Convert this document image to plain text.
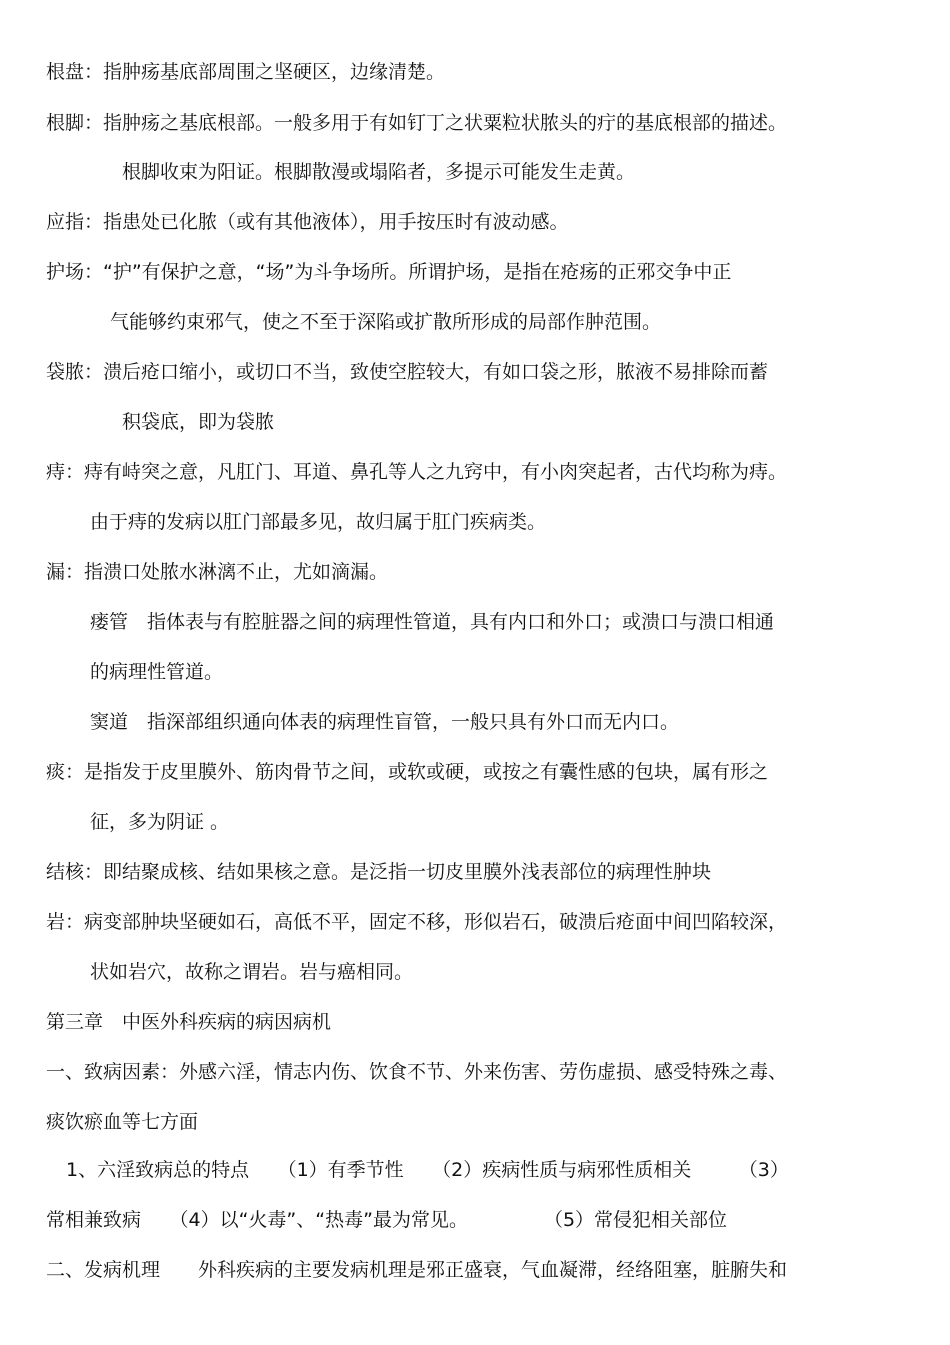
根盘：指肿疡基底部周围之坚硬区，边缘清楚。

根脚：指肿疡之基底根部。一般多用于有如钉丁之状粟粒状脓头的疔的基底根部的描述。

根脚收束为阳证。根脚散漫或塌陷者，多提示可能发生走黄。

应指：指患处已化脓（或有其他液体），用手按压时有波动感。

护场：“护”有保护之意，“场”为斗争场所。所谓护场，是指在疮疡的正邪交争中正

气能够约束邪气，使之不至于深陷或扩散所形成的局部作肿范围。

袋脓：溃后疮口缩小，或切口不当，致使空腔较大，有如口袋之形，脓液不易排除而蓄

积袋底，即为袋脓

痔：痔有峙突之意，凡肛门、耳道、鼻孔等人之九窍中，有小肉突起者，古代均称为痔。

由于痔的发病以肛门部最多见，故归属于肛门疾病类。

漏：指溃口处脓水淋漓不止，尤如滴漏。

瘘管　指体表与有腔脏器之间的病理性管道，具有内口和外口；或溃口与溃口相通

的病理性管道。

窦道　指深部组织通向体表的病理性盲管，一般只具有外口而无内口。

痰：是指发于皮里膜外、筋肉骨节之间，或软或硬，或按之有囊性感的包块，属有形之

征，多为阴证 。

结核：即结聚成核、结如果核之意。是泛指一切皮里膜外浅表部位的病理性肿块

岩：病变部肿块坚硬如石，高低不平，固定不移，形似岩石，破溃后疮面中间凹陷较深，

状如岩穴，故称之谓岩。岩与癌相同。

第三章　中医外科疾病的病因病机

一、致病因素：外感六淫，情志内伤、饮食不节、外来伤害、劳伤虚损、感受特殊之毒、

痰饮瘀血等七方面

1、六淫致病总的特点　　（1）有季节性　　（2）疾病性质与病邪性质相关　　　（3）

常相兼致病　　（4）以“火毒”、“热毒”最为常见。　　　　　（5）常侵犯相关部位

二、发病机理　　外科疾病的主要发病机理是邪正盛衰，气血凝滞，经络阻塞，脏腑失和
